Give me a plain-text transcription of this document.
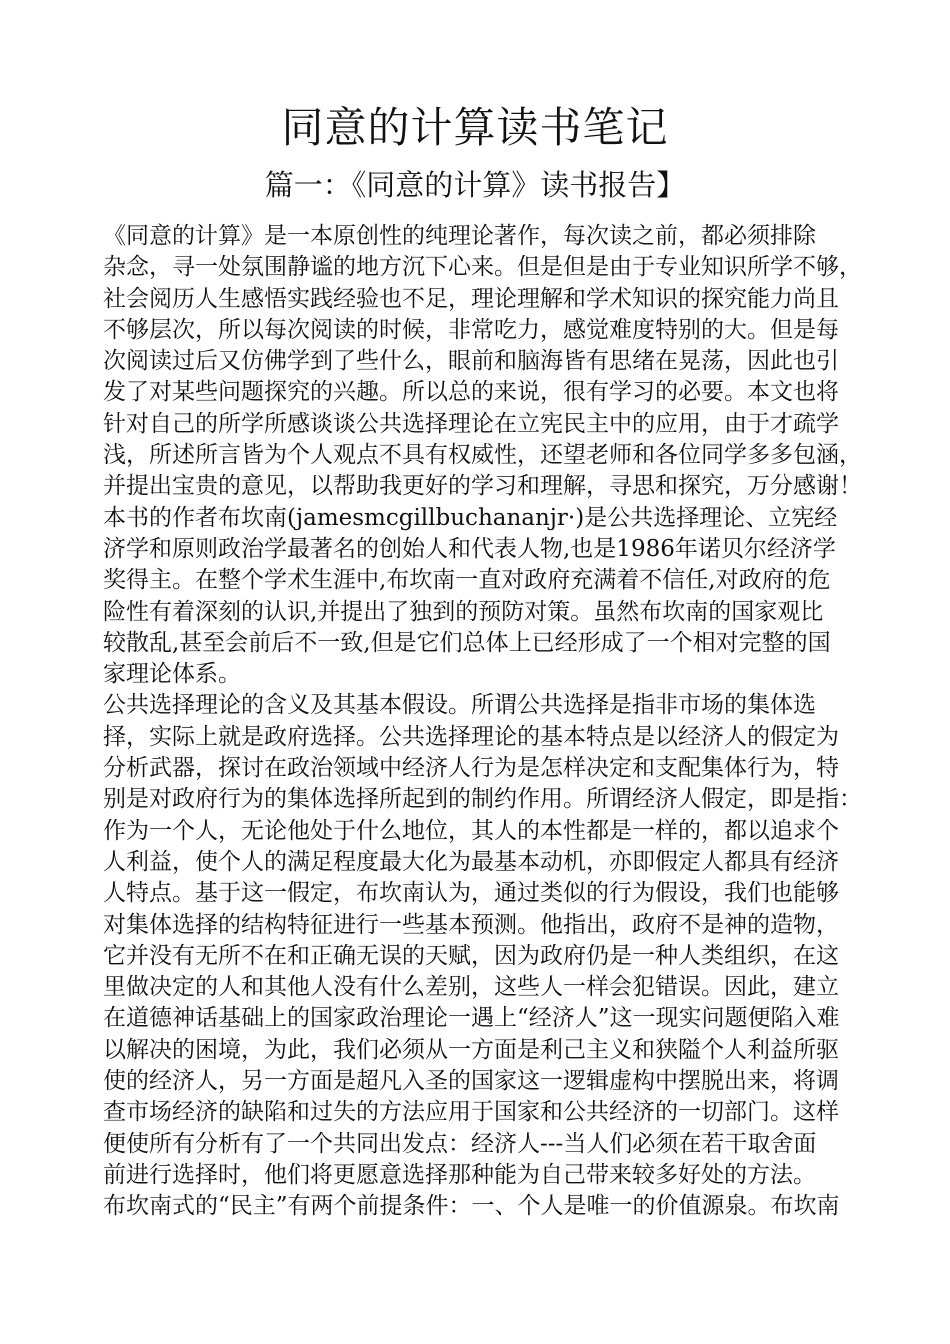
同意的计算读书笔记
篇一：《同意的计算》读书报告】
《同意的计算》是一本原创性的纯理论著作，每次读之前，都必须排除
杂念，寻一处氛围静谧的地方沉下心来。但是但是由于专业知识所学不够，
社会阅历人生感悟实践经验也不足，理论理解和学术知识的探究能力尚且
不够层次，所以每次阅读的时候，非常吃力，感觉难度特别的大。但是每
次阅读过后又仿佛学到了些什么，眼前和脑海皆有思绪在晃荡，因此也引
发了对某些问题探究的兴趣。所以总的来说，很有学习的必要。本文也将
针对自己的所学所感谈谈公共选择理论在立宪民主中的应用，由于才疏学
浅，所述所言皆为个人观点不具有权威性，还望老师和各位同学多多包涵，
并提出宝贵的意见，以帮助我更好的学习和理解，寻思和探究，万分感谢！
本书的作者布坎南(jamesmcgillbuchananjr·)是公共选择理论、立宪经
济学和原则政治学最著名的创始人和代表人物,也是1986年诺贝尔经济学
奖得主。在整个学术生涯中,布坎南一直对政府充满着不信任,对政府的危
险性有着深刻的认识,并提出了独到的预防对策。虽然布坎南的国家观比
较散乱,甚至会前后不一致,但是它们总体上已经形成了一个相对完整的国
家理论体系。
公共选择理论的含义及其基本假设。所谓公共选择是指非市场的集体选
择，实际上就是政府选择。公共选择理论的基本特点是以经济人的假定为
分析武器，探讨在政治领域中经济人行为是怎样决定和支配集体行为，特
别是对政府行为的集体选择所起到的制约作用。所谓经济人假定，即是指：
作为一个人，无论他处于什么地位，其人的本性都是一样的，都以追求个
人利益，使个人的满足程度最大化为最基本动机，亦即假定人都具有经济
人特点。基于这一假定，布坎南认为，通过类似的行为假设，我们也能够
对集体选择的结构特征进行一些基本预测。他指出，政府不是神的造物，
它并没有无所不在和正确无误的天赋，因为政府仍是一种人类组织，在这
里做决定的人和其他人没有什么差别，这些人一样会犯错误。因此，建立
在道德神话基础上的国家政治理论一遇上“经济人”这一现实问题便陷入难
以解决的困境，为此，我们必须从一方面是利己主义和狭隘个人利益所驱
使的经济人，另一方面是超凡入圣的国家这一逻辑虚构中摆脱出来，将调
查市场经济的缺陷和过失的方法应用于国家和公共经济的一切部门。这样
便使所有分析有了一个共同出发点：经济人---当人们必须在若干取舍面
前进行选择时，他们将更愿意选择那种能为自己带来较多好处的方法。
布坎南式的“民主”有两个前提条件：一、个人是唯一的价值源泉。布坎南
